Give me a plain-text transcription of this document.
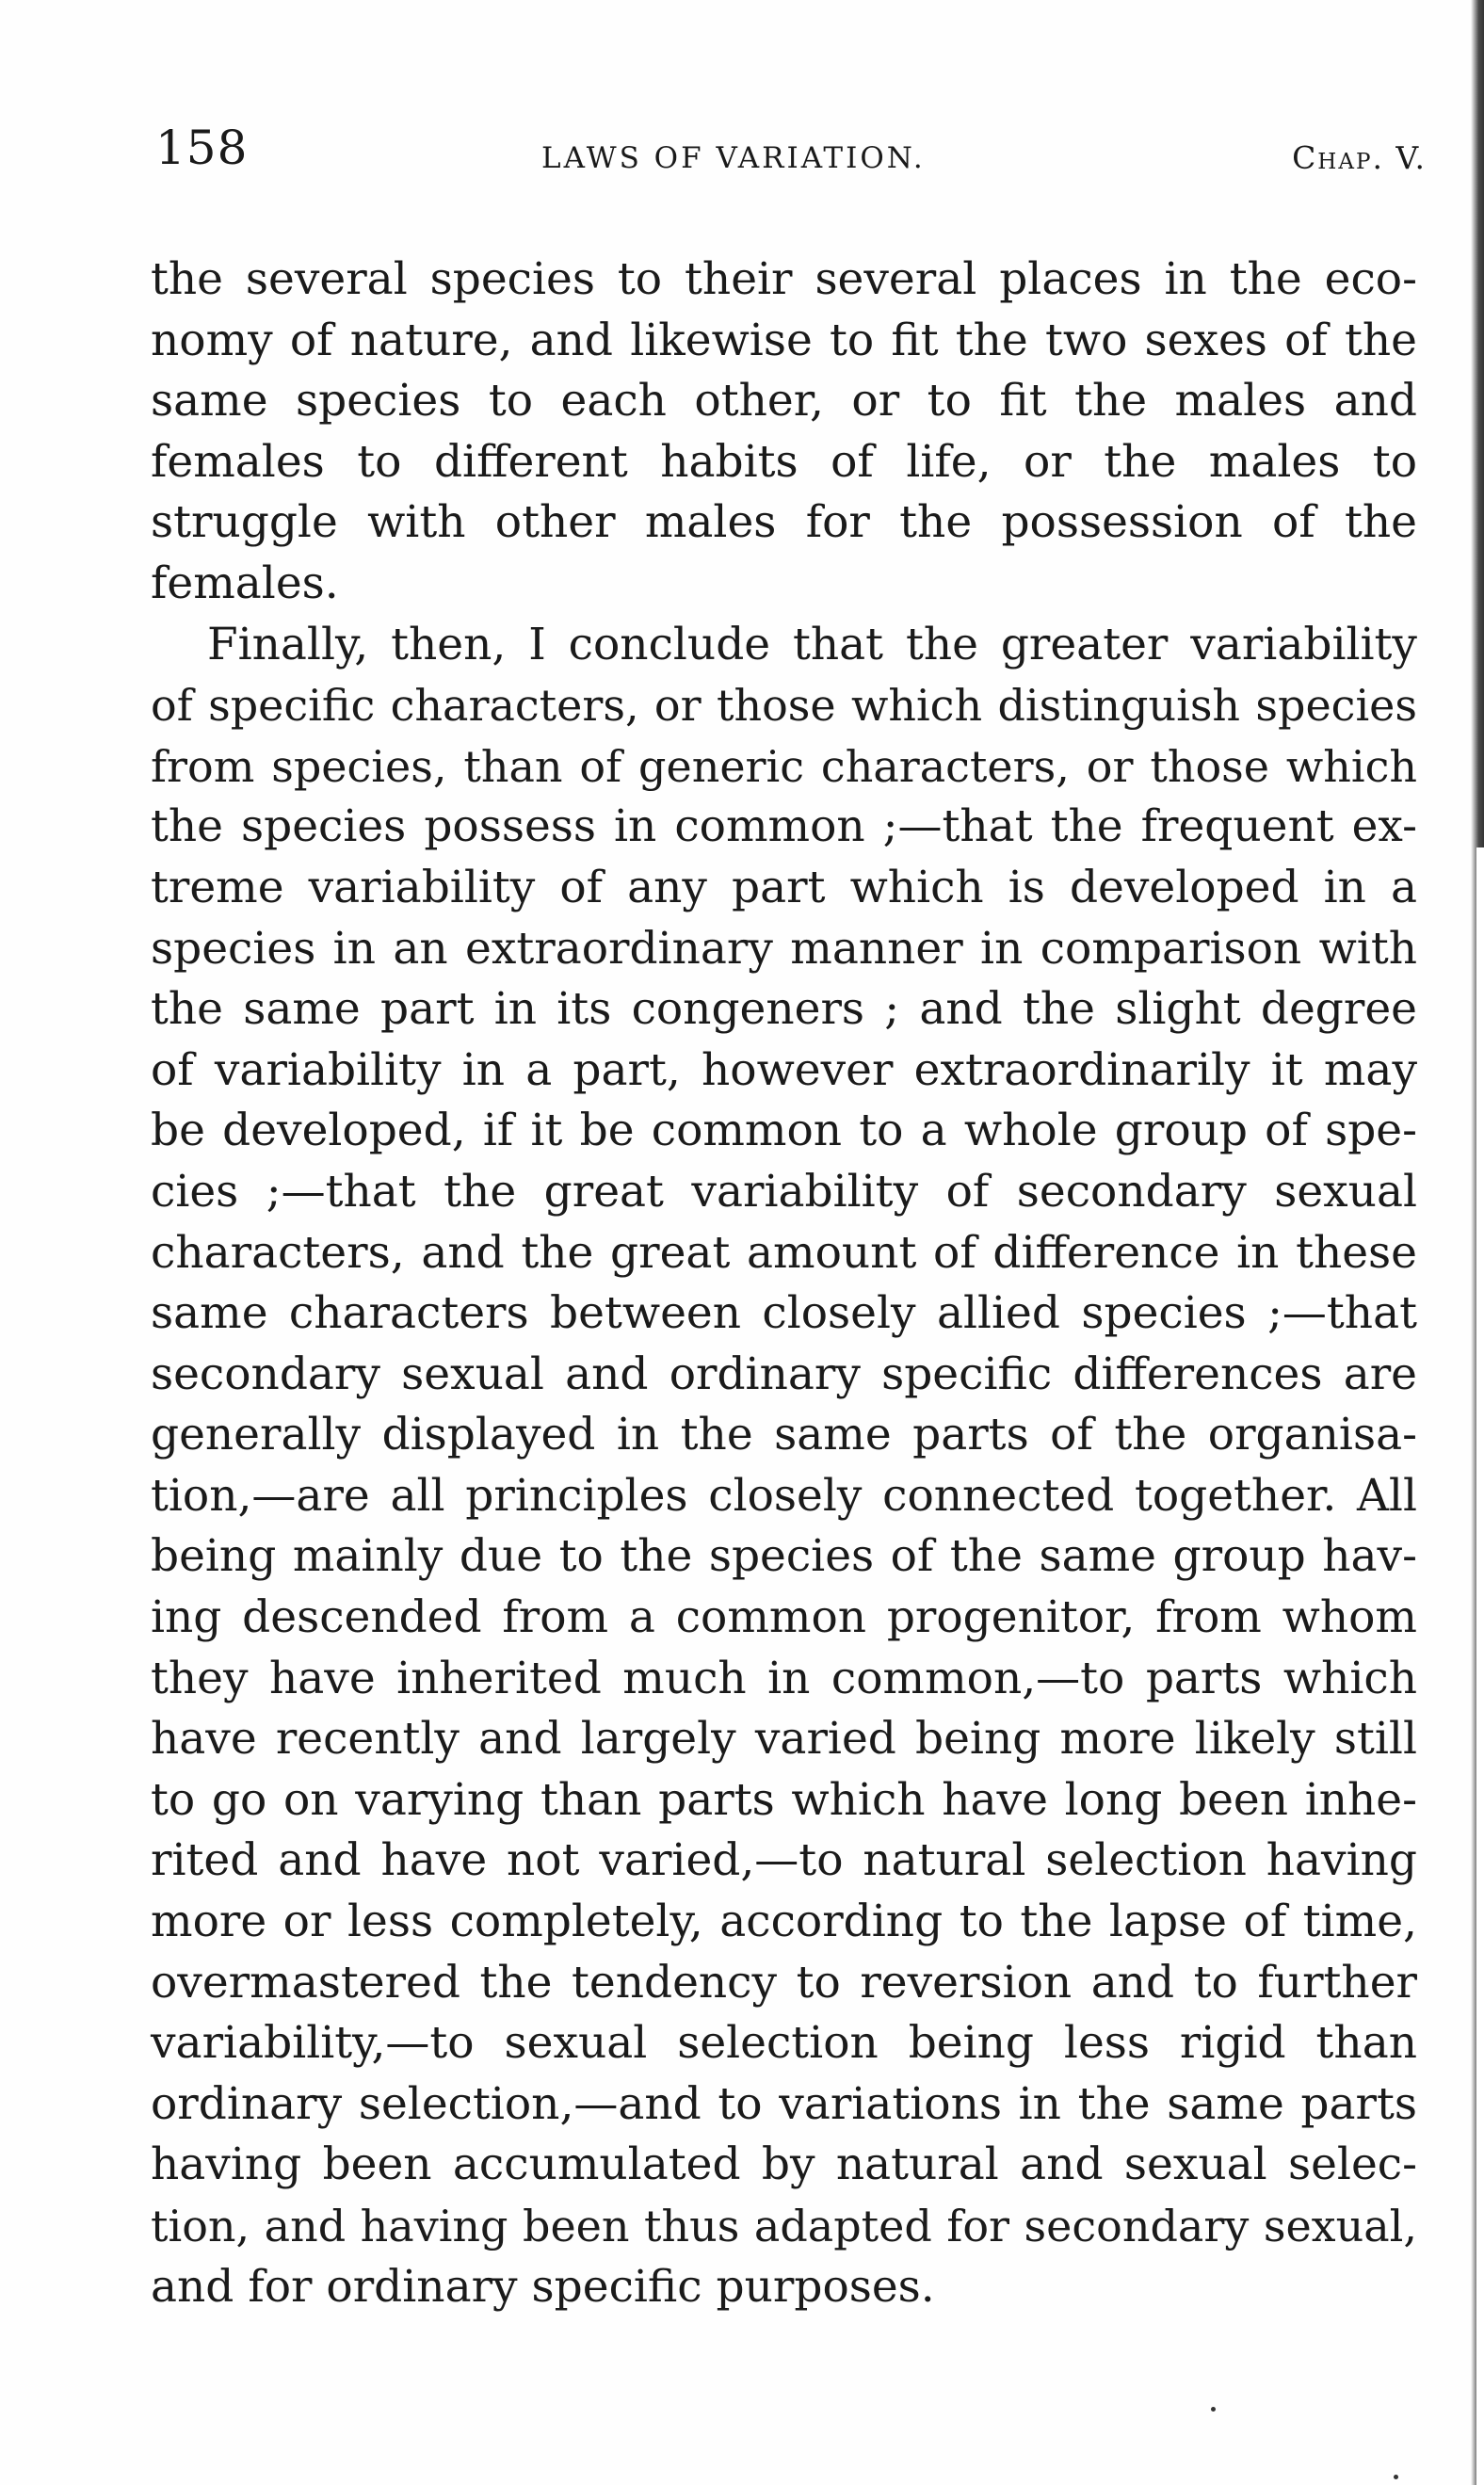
158	LAWS OF VARIATION.	Chap. V.
the several species to their several places in the eco-
nomy of nature, and likewise to fit the two sexes of the
same species to each other, or to fit the males and
females to different habits of life, or the males to
struggle with other males for the possession of the
females.
Finally, then, I conclude that the greater variability
of specific characters, or those which distinguish species
from species, than of generic characters, or those which
the species possess in common ;—that the frequent ex-
treme variability of any part which is developed in a
species in an extraordinary manner in comparison with
the same part in its congeners ; and the slight degree
of variability in a part, however extraordinarily it may
be developed, if it be common to a whole group of spe-
cies ;—that the great variability of secondary sexual
characters, and the great amount of difference in these
same characters between closely allied species ;—that
secondary sexual and ordinary specific differences are
generally displayed in the same parts of the organisa-
tion,—are all principles closely connected together. All
being mainly due to the species of the same group hav-
ing descended from a common progenitor, from whom
they have inherited much in common,—to parts which
have recently and largely varied being more likely still
to go on varying than parts which have long been inhe-
rited and have not varied,—to natural selection having
more or less completely, according to the lapse of time,
overmastered the tendency to reversion and to further
variability,—to sexual selection being less rigid than
ordinary selection,—and to variations in the same parts
having been accumulated by natural and sexual selec-
tion, and having been thus adapted for secondary sexual,
and for ordinary specific purposes.
